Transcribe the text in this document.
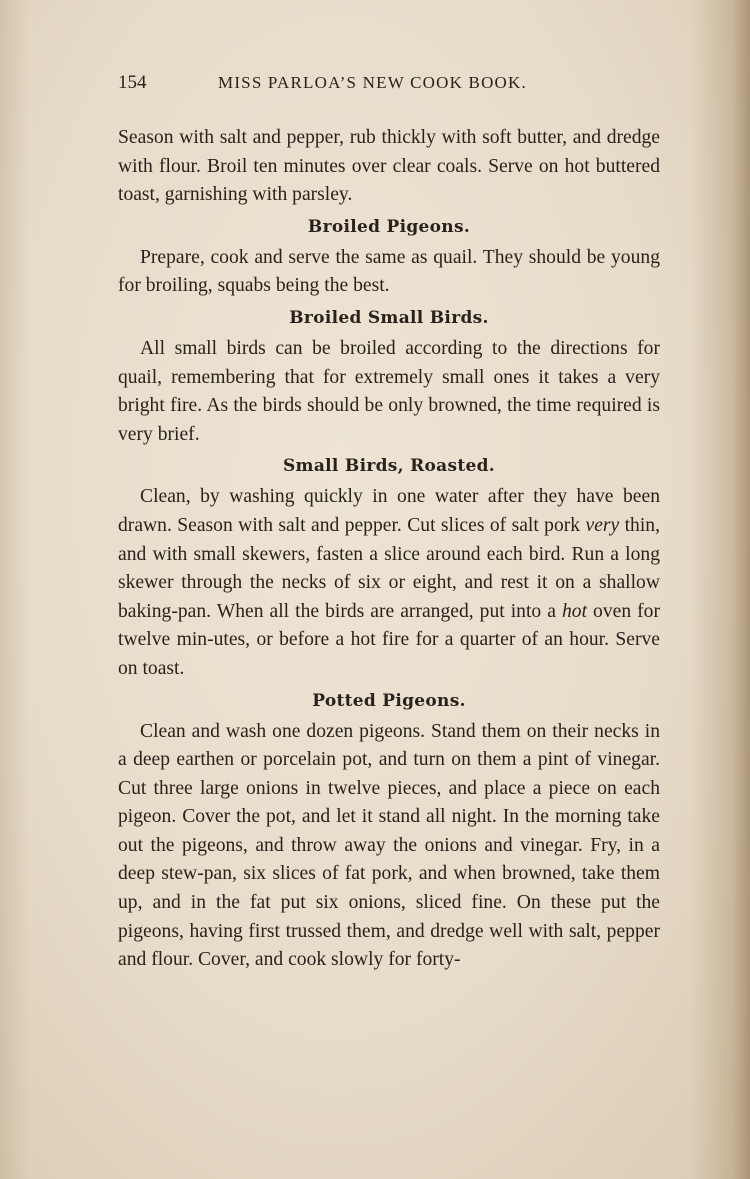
154	MISS PARLOA’S NEW COOK BOOK.

Season with salt and pepper, rub thickly with soft butter, and dredge with flour. Broil ten minutes over clear coals. Serve on hot buttered toast, garnishing with parsley.

Broiled Pigeons.

Prepare, cook and serve the same as quail. They should be young for broiling, squabs being the best.

Broiled Small Birds.

All small birds can be broiled according to the directions for quail, remembering that for extremely small ones it takes a very bright fire. As the birds should be only browned, the time required is very brief.

Small Birds, Roasted.

Clean, by washing quickly in one water after they have been drawn. Season with salt and pepper. Cut slices of salt pork very thin, and with small skewers, fasten a slice around each bird. Run a long skewer through the necks of six or eight, and rest it on a shallow baking-pan. When all the birds are arranged, put into a hot oven for twelve min-utes, or before a hot fire for a quarter of an hour. Serve on toast.

Potted Pigeons.

Clean and wash one dozen pigeons. Stand them on their necks in a deep earthen or porcelain pot, and turn on them a pint of vinegar. Cut three large onions in twelve pieces, and place a piece on each pigeon. Cover the pot, and let it stand all night. In the morning take out the pigeons, and throw away the onions and vinegar. Fry, in a deep stew-pan, six slices of fat pork, and when browned, take them up, and in the fat put six onions, sliced fine. On these put the pigeons, having first trussed them, and dredge well with salt, pepper and flour. Cover, and cook slowly for forty-
